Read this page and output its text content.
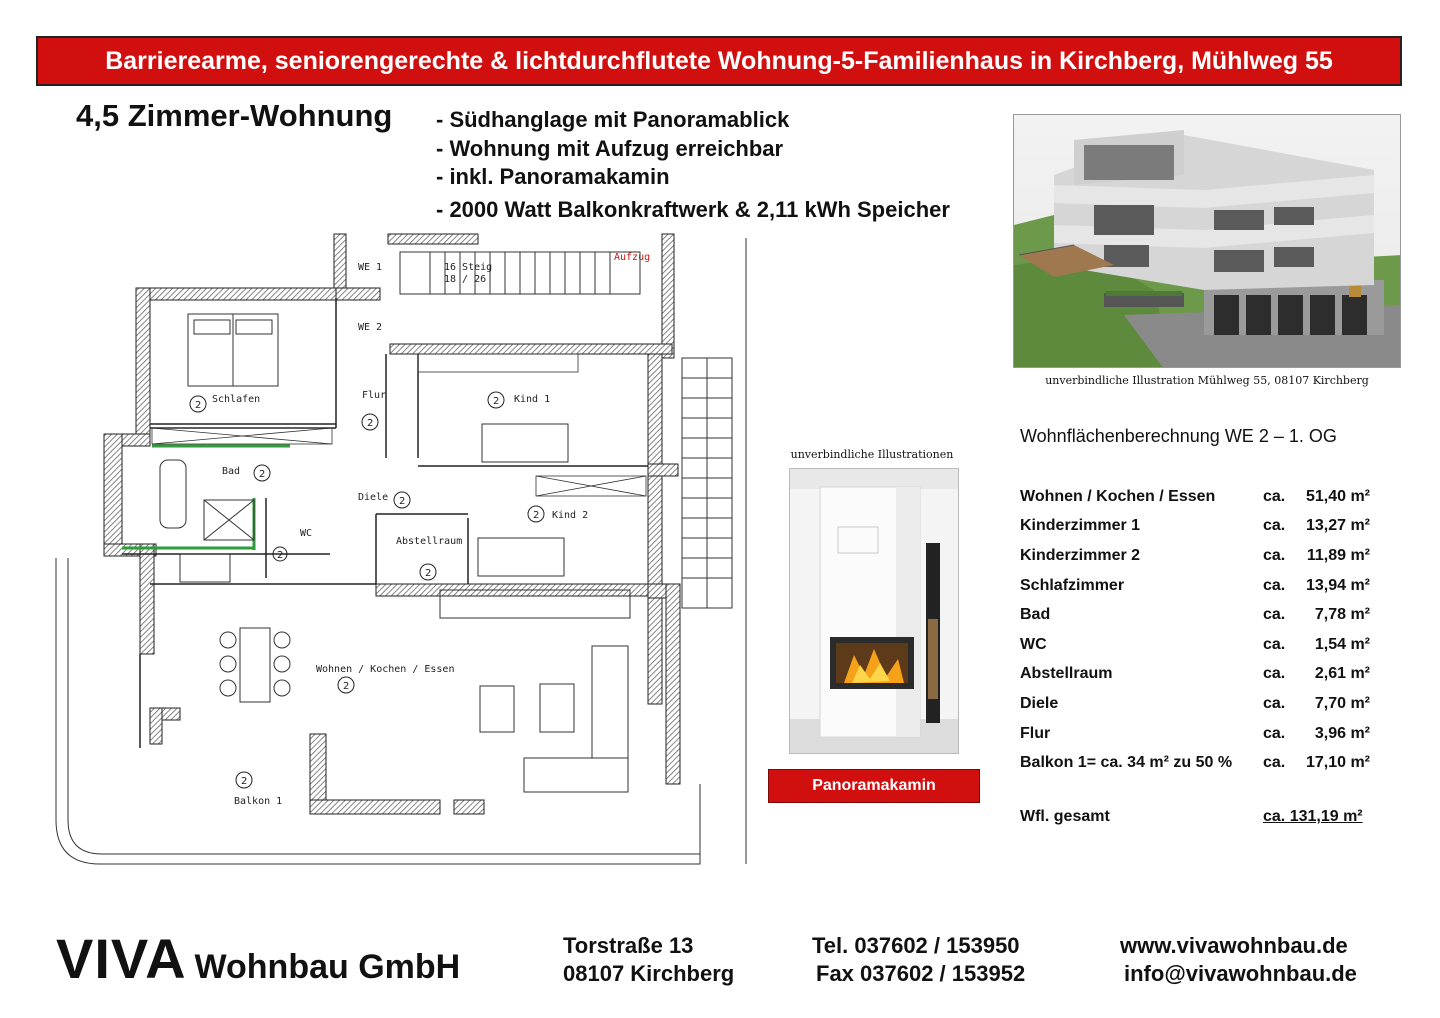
Barrierearme, seniorengerechte & lichtdurchflutete Wohnung-5-Familienhaus in Kirchberg, Mühlweg 55
4,5 Zimmer-Wohnung - Südhanglage mit Panoramablick
- Wohnung mit Aufzug erreichbar
- inkl. Panoramakamin
- 2000 Watt Balkonkraftwerk & 2,11 kWh Speicher
unverbindliche Illustration Mühlweg 55, 08107 Kirchberg
Schlafen	Flur	Kind 1
Kind 2
Bad
WC
Diele
Abstellraum
Wohnen / Kochen / Essen
Balkon 1
WE 1
WE 2
16 Steig
18 / 26
Aufzug
2
2
2
2
2
2
2
2
2
2
unverbindliche Illustrationen
Panoramakamin
Wohnflächenberechnung WE 2 – 1. OG
Wohnen / Kochen / Essen	ca.	51,40 m²
Kinderzimmer 1	ca.	13,27 m²
Kinderzimmer 2	ca.	11,89 m²
Schlafzimmer	ca.	13,94 m²
Bad	ca.	7,78 m²
WC	ca.	1,54 m²
Abstellraum	ca.	2,61 m²
Diele	ca.	7,70 m²
Flur	ca.	3,96 m²
Balkon 1= ca. 34 m² zu 50 %	ca.	17,10 m²
Wfl. gesamt	ca. 131,19 m²
VIVA Wohnbau GmbH
Torstraße 13
08107 Kirchberg
Tel. 037602 / 153950
Fax 037602 / 153952
www.vivawohnbau.de
info@vivawohnbau.de
